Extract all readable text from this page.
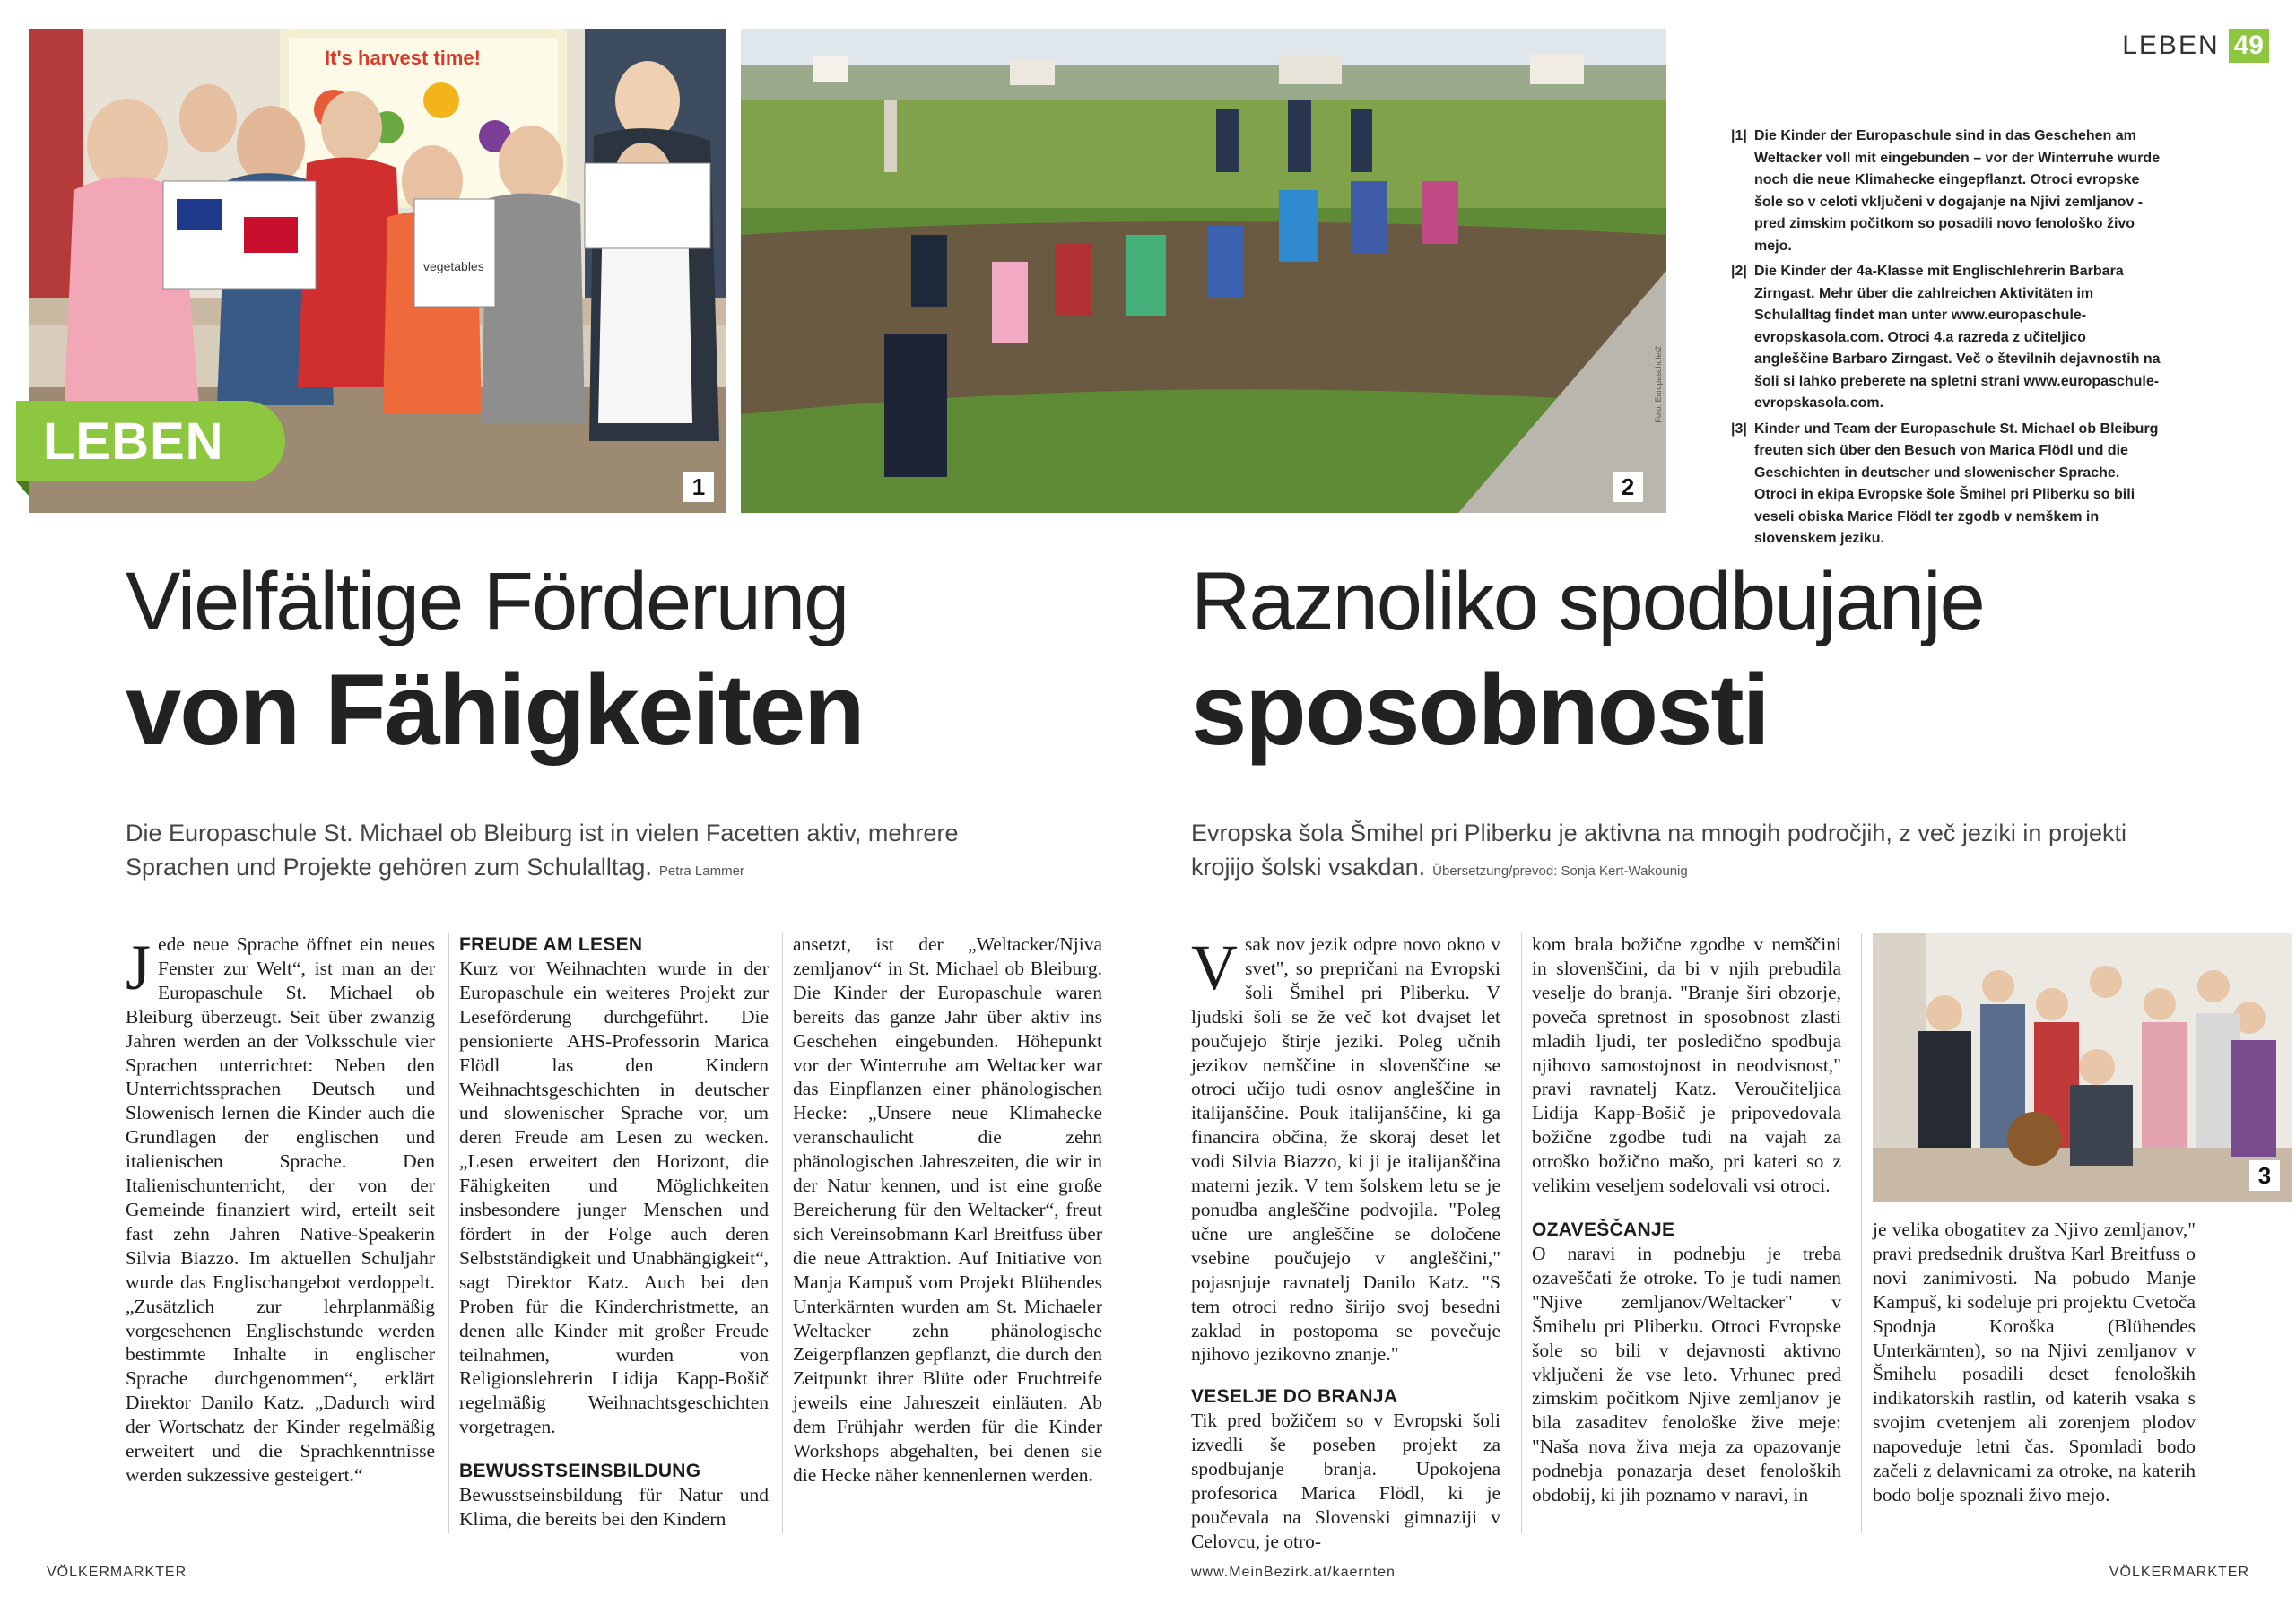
LEBEN 49
It's harvest time!
vegetables
1
LEBEN
2
Foto: Europaschule/2
|1| Die Kinder der Europaschule sind in das Geschehen am Weltacker voll mit eingebunden – vor der Winterruhe wurde noch die neue Klimahecke eingepflanzt. Otroci evropske šole so v celoti vključeni v dogajanje na Njivi zemljanov - pred zimskim počitkom so posadili novo fenološko živo mejo.
|2| Die Kinder der 4a-Klasse mit Englischlehrerin Barbara Zirngast. Mehr über die zahlreichen Aktivitäten im Schulalltag findet man unter www.europaschule-evropskasola.com. Otroci 4.a razreda z učiteljico angleščine Barbaro Zirngast. Več o številnih dejavnostih na šoli si lahko preberete na spletni strani www.europaschule-evropskasola.com.
|3| Kinder und Team der Europaschule St. Michael ob Bleiburg freuten sich über den Besuch von Marica Flödl und die Geschichten in deutscher und slowenischer Sprache. Otroci in ekipa Evropske šole Šmihel pri Pliberku so bili veseli obiska Marice Flödl ter zgodb v nemškem in slovenskem jeziku.
Vielfältige Förderung
von Fähigkeiten
Raznoliko spodbujanje
sposobnosti
Die Europaschule St. Michael ob Bleiburg ist in vielen Facetten aktiv, mehrere Sprachen und Projekte gehören zum Schulalltag. Petra Lammer
Evropska šola Šmihel pri Pliberku je aktivna na mnogih področjih, z več jeziki in projekti krojijo šolski vsakdan. Übersetzung/prevod: Sonja Kert-Wakounig

Jede neue Sprache öffnet ein neues Fenster zur Welt“, ist man an der Europaschule St. Michael ob Bleiburg überzeugt. Seit über zwanzig Jahren werden an der Volksschule vier Sprachen unterrichtet: Neben den Unterrichtssprachen Deutsch und Slowenisch lernen die Kinder auch die Grundlagen der englischen und italienischen Sprache. Den Italienischunterricht, der von der Gemeinde finanziert wird, erteilt seit fast zehn Jahren Native-Speakerin Silvia Biazzo. Im aktuellen Schuljahr wurde das Englischangebot verdoppelt. „Zusätzlich zur lehrplanmäßig vorgesehenen Englischstunde werden bestimmte Inhalte in englischer Sprache durchgenommen“, erklärt Direktor Danilo Katz. „Dadurch wird der Wortschatz der Kinder regelmäßig erweitert und die Sprachkenntnisse werden sukzessive gesteigert.“

FREUDE AM LESEN

Kurz vor Weihnachten wurde in der Europaschule ein weiteres Projekt zur Leseförderung durchgeführt. Die pensionierte AHS-Professorin Marica Flödl las den Kindern Weihnachtsgeschichten in deutscher und slowenischer Sprache vor, um deren Freude am Lesen zu wecken. „Lesen erweitert den Horizont, die Fähigkeiten und Möglichkeiten insbesondere junger Menschen und fördert in der Folge auch deren Selbstständigkeit und Unabhängigkeit“, sagt Direktor Katz. Auch bei den Proben für die Kinderchristmette, an denen alle Kinder mit großer Freude teilnahmen, wurden von Religionslehrerin Lidija Kapp-Bošič regelmäßig Weihnachtsgeschichten vorgetragen.

BEWUSSTSEINSBILDUNG

Bewusstseinsbildung für Natur und Klima, die bereits bei den Kindern

ansetzt, ist der „Weltacker/Njiva zemljanov“ in St. Michael ob Bleiburg. Die Kinder der Europaschule waren bereits das ganze Jahr über aktiv ins Geschehen eingebunden. Höhepunkt vor der Winterruhe am Weltacker war das Einpflanzen einer phänologischen Hecke: „Unsere neue Klimahecke veranschaulicht die zehn phänologischen Jahreszeiten, die wir in der Natur kennen, und ist eine große Bereicherung für den Weltacker“, freut sich Vereinsobmann Karl Breitfuss über die neue Attraktion. Auf Initiative von Manja Kampuš vom Projekt Blühendes Unterkärnten wurden am St. Michaeler Weltacker zehn phänologische Zeigerpflanzen gepflanzt, die durch den Zeitpunkt ihrer Blüte oder Fruchtreife jeweils eine Jahreszeit einläuten. Ab dem Frühjahr werden für die Kinder Workshops abgehalten, bei denen sie die Hecke näher kennenlernen werden.

Vsak nov jezik odpre novo okno v svet", so prepričani na Evropski šoli Šmihel pri Pliberku. V ljudski šoli se že več kot dvajset let poučujejo štirje jeziki. Poleg učnih jezikov nemščine in slovenščine se otroci učijo tudi osnov angleščine in italijanščine. Pouk italijanščine, ki ga financira občina, že skoraj deset let vodi Silvia Biazzo, ki ji je italijanščina materni jezik. V tem šolskem letu se je ponudba angleščine podvojila. "Poleg učne ure angleščine se določene vsebine poučujejo v angleščini," pojasnjuje ravnatelj Danilo Katz. "S tem otroci redno širijo svoj besedni zaklad in postopoma se povečuje njihovo jezikovno znanje."

VESELJE DO BRANJA

Tik pred božičem so v Evropski šoli izvedli še poseben projekt za spodbujanje branja. Upokojena profesorica Marica Flödl, ki je poučevala na Slovenski gimnaziji v Celovcu, je otro-

kom brala božične zgodbe v nemščini in slovenščini, da bi v njih prebudila veselje do branja. "Branje širi obzorje, poveča spretnost in sposobnost zlasti mladih ljudi, ter posledično spodbuja njihovo samostojnost in neodvisnost," pravi ravnatelj Katz. Veroučiteljica Lidija Kapp-Bošič je pripovedovala božične zgodbe tudi na vajah za otroško božično mašo, pri kateri so z velikim veseljem sodelovali vsi otroci.

OZAVEŠČANJE

O naravi in podnebju je treba ozaveščati že otroke. To je tudi namen "Njive zemljanov/Weltacker" v Šmihelu pri Pliberku. Otroci Evropske šole so bili v dejavnosti aktivno vključeni že vse leto. Vrhunec pred zimskim počitkom Njive zemljanov je bila zasaditev fenološke žive meje: "Naša nova živa meja za opazovanje podnebja ponazarja deset fenoloških obdobij, ki jih poznamo v naravi, in

3

je velika obogatitev za Njivo zemljanov," pravi predsednik društva Karl Breitfuss o novi zanimivosti. Na pobudo Manje Kampuš, ki sodeluje pri projektu Cvetoča Spodnja Koroška (Blühendes Unterkärnten), so na Njivi zemljanov v Šmihelu posadili deset fenoloških indikatorskih rastlin, od katerih vsaka s svojim cvetenjem ali zorenjem plodov napoveduje letni čas. Spomladi bodo začeli z delavnicami za otroke, na katerih bodo bolje spoznali živo mejo.

VÖLKERMARKTER	www.MeinBezirk.at/kaernten	VÖLKERMARKTER
